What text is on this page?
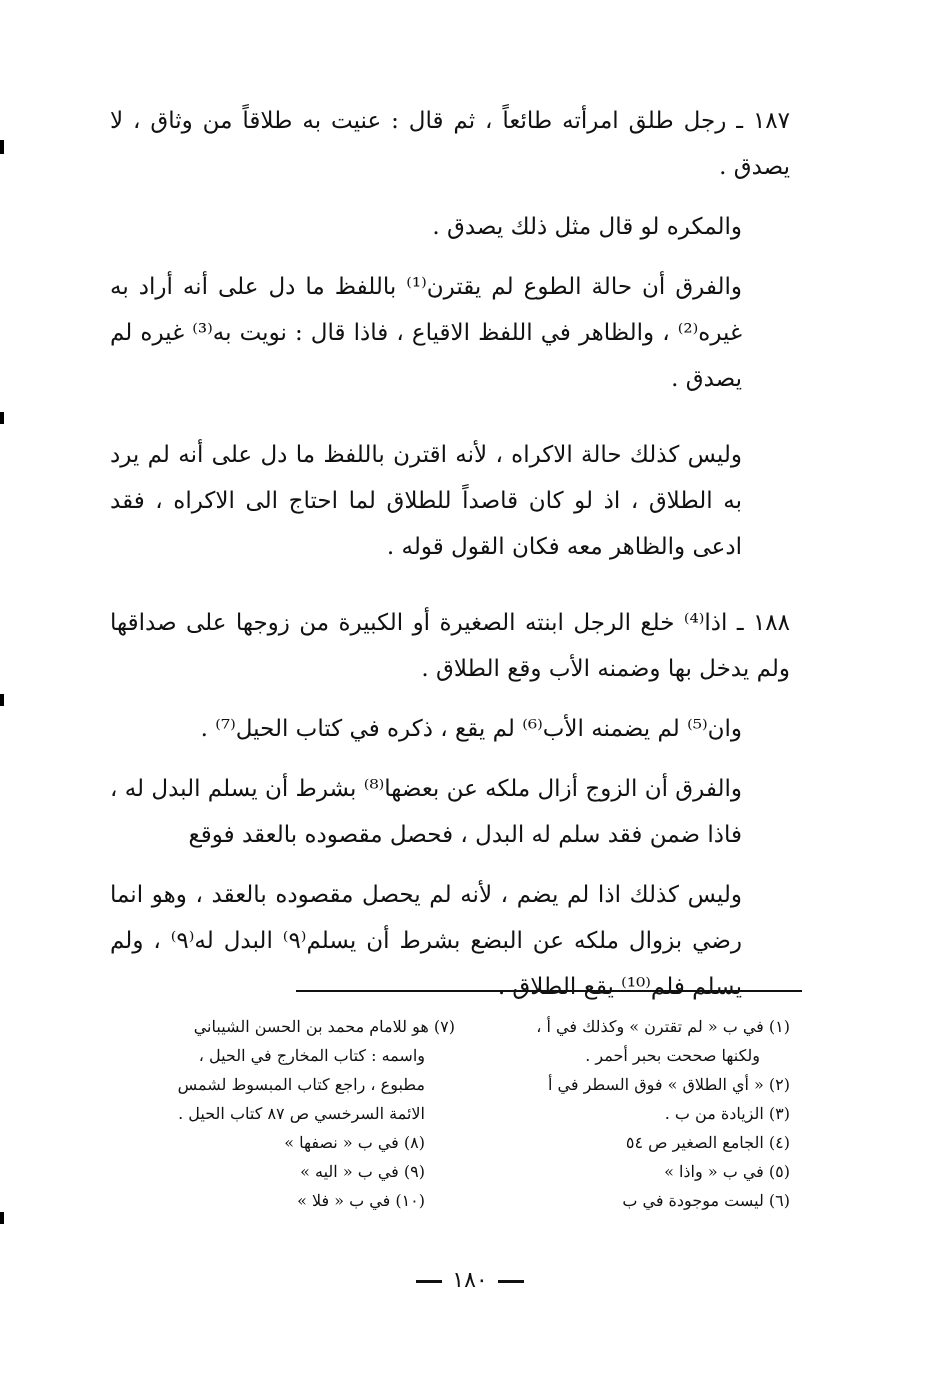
١٨٧ ـ رجل طلق امرأته طائعاً ، ثم قال : عنيت به طلاقاً من وثاق ، لا يصدق .

والمكره لو قال مثل ذلك يصدق .

والفرق أن حالة الطوع لم يقترن⁽¹⁾ باللفظ ما دل على أنه أراد به غيره⁽²⁾ ، والظاهر في اللفظ الاقياع ، فاذا قال : نويت به⁽³⁾ غيره لم يصدق .

وليس كذلك حالة الاكراه ، لأنه اقترن باللفظ ما دل على أنه لم يرد به الطلاق ، اذ لو كان قاصداً للطلاق لما احتاج الى الاكراه ، فقد ادعى والظاهر معه فكان القول قوله .

١٨٨ ـ اذا⁽⁴⁾ خلع الرجل ابنته الصغيرة أو الكبيرة من زوجها على صداقها ولم يدخل بها وضمنه الأب وقع الطلاق .

وان⁽⁵⁾ لم يضمنه الأب⁽⁶⁾ لم يقع ، ذكره في كتاب الحيل⁽⁷⁾ .

والفرق أن الزوج أزال ملكه عن بعضها⁽⁸⁾ بشرط أن يسلم البدل له ، فاذا ضمن فقد سلم له البدل ، فحصل مقصوده بالعقد فوقع

وليس كذلك اذا لم يضم ، لأنه لم يحصل مقصوده بالعقد ، وهو انما رضي بزوال ملكه عن البضع بشرط أن يسلم⁽٩⁾ البدل له⁽٩⁾ ، ولم يسلم فلم⁽¹⁰⁾ يقع الطلاق .

(١) في ب « لم تقترن » وكذلك في أ ،

ولكنها صححت بحبر أحمر .

(٢) « أي الطلاق » فوق السطر في أ

(٣) الزيادة من ب .

(٤) الجامع الصغير ص ٥٤

(٥) في ب « واذا »

(٦) ليست موجودة في ب

(٧) هو للامام محمد بن الحسن الشيباني

واسمه : كتاب المخارج في الحيل ،

مطبوع ، راجع كتاب المبسوط لشمس

الائمة السرخسي ص ٨٧ كتاب الحيل .

(٨) في ب « نصفها »

(٩) في ب « اليه »

(١٠) في ب « فلا »

١٨٠
